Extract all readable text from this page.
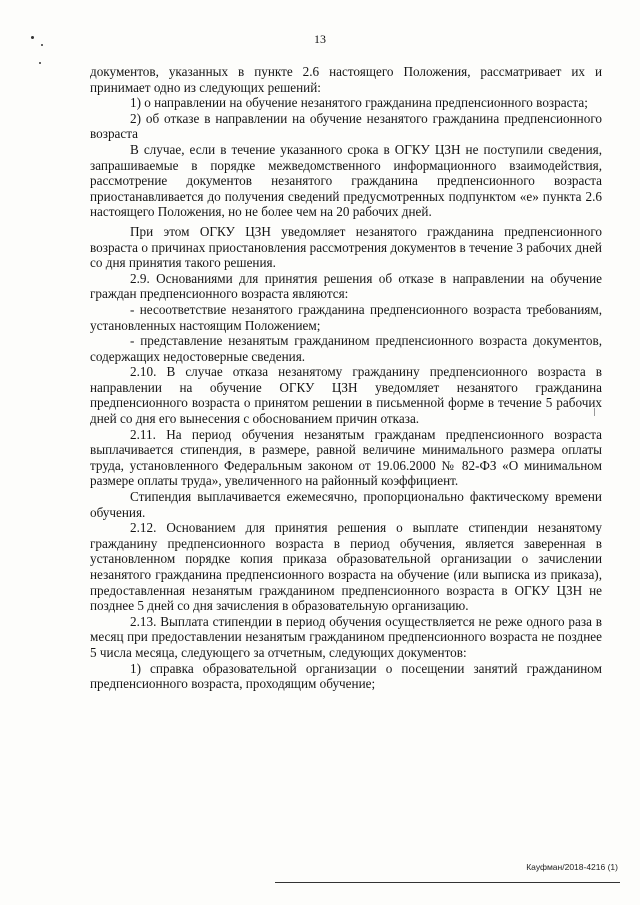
13

документов, указанных в пункте 2.6 настоящего Положения, рассматривает их и принимает одно из следующих решений:

1) о направлении на обучение незанятого гражданина предпенсионного возраста;

2) об отказе в направлении на обучение незанятого гражданина предпенсионного возраста

В случае, если в течение указанного срока в ОГКУ ЦЗН не поступили сведения, запрашиваемые в порядке межведомственного информационного взаимодействия, рассмотрение документов незанятого гражданина предпенсионного возраста приостанавливается до получения сведений предусмотренных подпунктом «е» пункта 2.6 настоящего Положения, но не более чем на 20 рабочих дней.

При этом ОГКУ ЦЗН уведомляет незанятого гражданина предпенсионного возраста о причинах приостановления рассмотрения документов в течение 3 рабочих дней со дня принятия такого решения.

2.9. Основаниями для принятия решения об отказе в направлении на обучение граждан предпенсионного возраста являются:

- несоответствие незанятого гражданина предпенсионного возраста требованиям, установленных настоящим Положением;

- представление незанятым гражданином предпенсионного возраста документов, содержащих недостоверные сведения.

2.10. В случае отказа незанятому гражданину предпенсионного возраста в направлении на обучение ОГКУ ЦЗН уведомляет незанятого гражданина предпенсионного возраста о принятом решении в письменной форме в течение 5 рабочих дней со дня его вынесения с обоснованием причин отказа.

2.11. На период обучения незанятым гражданам предпенсионного возраста выплачивается стипендия, в размере, равной величине минимального размера оплаты труда, установленного Федеральным законом от 19.06.2000 № 82-ФЗ «О минимальном размере оплаты труда», увеличенного на районный коэффициент.

Стипендия выплачивается ежемесячно, пропорционально фактическому времени обучения.

2.12. Основанием для принятия решения о выплате стипендии незанятому гражданину предпенсионного возраста в период обучения, является заверенная в установленном порядке копия приказа образовательной организации о зачислении незанятого гражданина предпенсионного возраста на обучение (или выписка из приказа), предоставленная незанятым гражданином предпенсионного возраста в ОГКУ ЦЗН не позднее 5 дней со дня зачисления в образовательную организацию.

2.13. Выплата стипендии в период обучения осуществляется не реже одного раза в месяц при предоставлении незанятым гражданином предпенсионного возраста не позднее 5 числа месяца, следующего за отчетным, следующих документов:

1) справка образовательной организации о посещении занятий гражданином предпенсионного возраста, проходящим обучение;

Кауфман/2018-4216 (1)
